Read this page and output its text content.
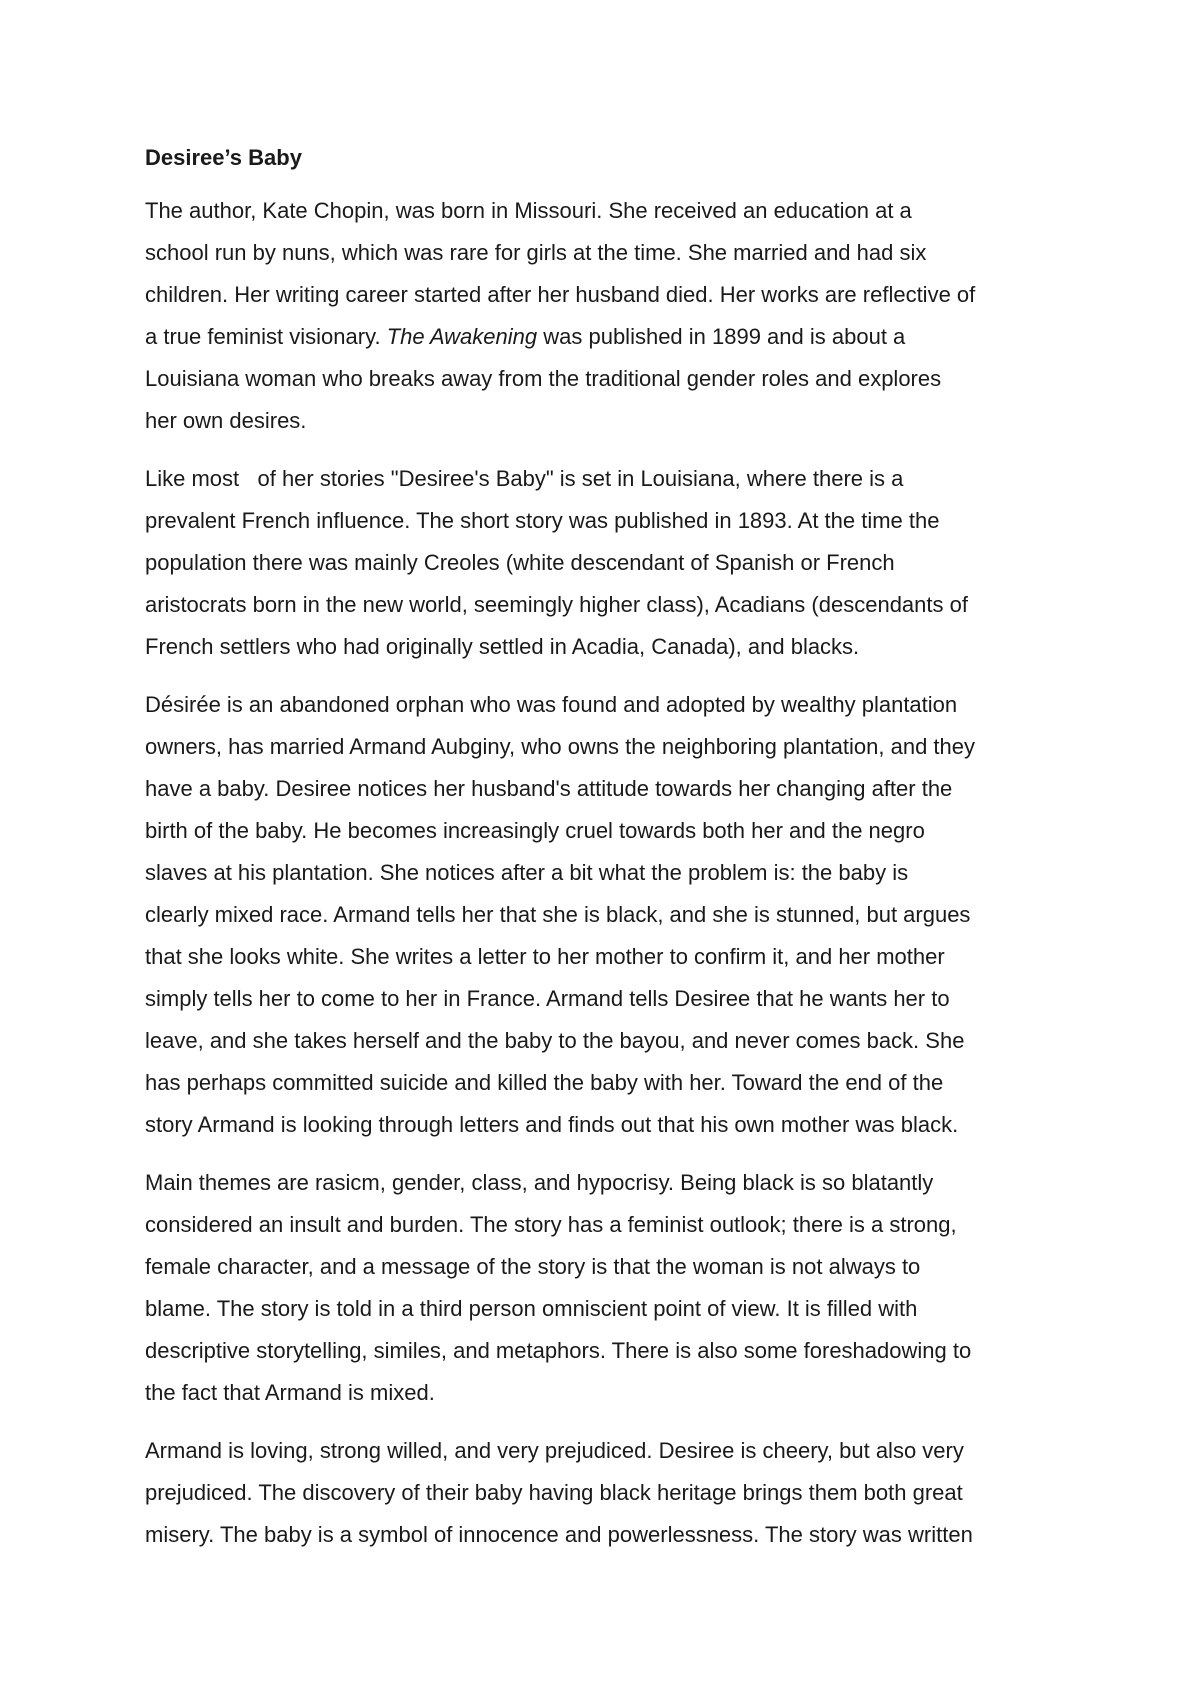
Desiree’s Baby

The author, Kate Chopin, was born in Missouri. She received an education at a
school run by nuns, which was rare for girls at the time. She married and had six
children. Her writing career started after her husband died. Her works are reflective of
a true feminist visionary. The Awakening was published in 1899 and is about a
Louisiana woman who breaks away from the traditional gender roles and explores
her own desires.

Like most   of her stories "Desiree's Baby" is set in Louisiana, where there is a
prevalent French influence. The short story was published in 1893. At the time the
population there was mainly Creoles (white descendant of Spanish or French
aristocrats born in the new world, seemingly higher class), Acadians (descendants of
French settlers who had originally settled in Acadia, Canada), and blacks.

Désirée is an abandoned orphan who was found and adopted by wealthy plantation
owners, has married Armand Aubginy, who owns the neighboring plantation, and they
have a baby. Desiree notices her husband's attitude towards her changing after the
birth of the baby. He becomes increasingly cruel towards both her and the negro
slaves at his plantation. She notices after a bit what the problem is: the baby is
clearly mixed race. Armand tells her that she is black, and she is stunned, but argues
that she looks white. She writes a letter to her mother to confirm it, and her mother
simply tells her to come to her in France. Armand tells Desiree that he wants her to
leave, and she takes herself and the baby to the bayou, and never comes back. She
has perhaps committed suicide and killed the baby with her. Toward the end of the
story Armand is looking through letters and finds out that his own mother was black.

Main themes are rasicm, gender, class, and hypocrisy. Being black is so blatantly
considered an insult and burden. The story has a feminist outlook; there is a strong,
female character, and a message of the story is that the woman is not always to
blame. The story is told in a third person omniscient point of view. It is filled with
descriptive storytelling, similes, and metaphors. There is also some foreshadowing to
the fact that Armand is mixed.

Armand is loving, strong willed, and very prejudiced. Desiree is cheery, but also very
prejudiced. The discovery of their baby having black heritage brings them both great
misery. The baby is a symbol of innocence and powerlessness. The story was written
